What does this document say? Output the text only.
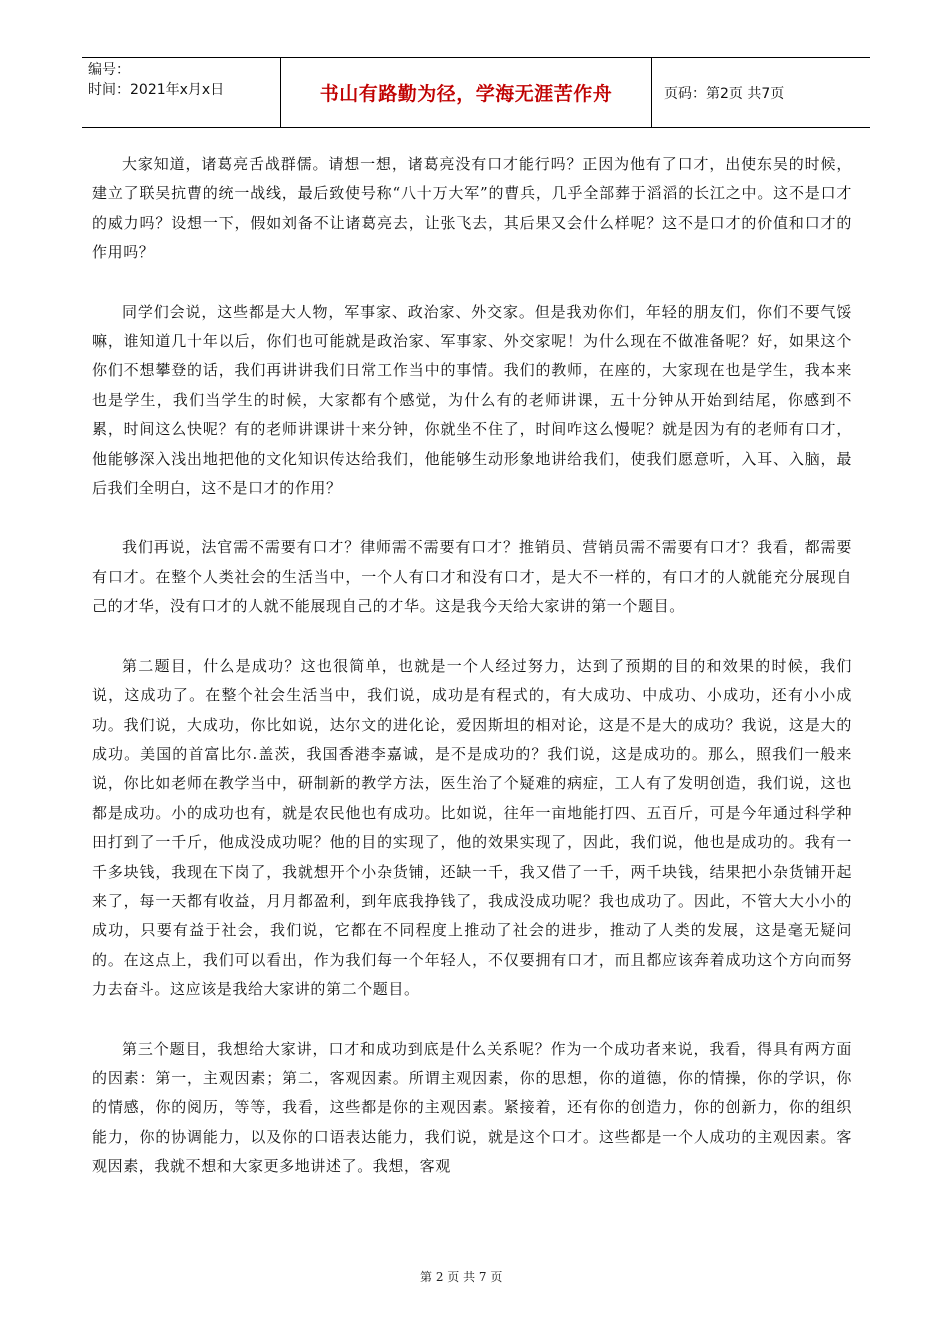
编号：
时间：2021年x月x日	书山有路勤为径，学海无涯苦作舟	页码：第2页 共7页

大家知道，诸葛亮舌战群儒。请想一想，诸葛亮没有口才能行吗？正因为他有了口才，出使东吴的时候，建立了联吴抗曹的统一战线，最后致使号称“八十万大军”的曹兵，几乎全部葬于滔滔的长江之中。这不是口才的威力吗？设想一下，假如刘备不让诸葛亮去，让张飞去，其后果又会什么样呢？这不是口才的价值和口才的作用吗？

同学们会说，这些都是大人物，军事家、政治家、外交家。但是我劝你们，年轻的朋友们，你们不要气馁嘛，谁知道几十年以后，你们也可能就是政治家、军事家、外交家呢！为什么现在不做准备呢？好，如果这个你们不想攀登的话，我们再讲讲我们日常工作当中的事情。我们的教师，在座的，大家现在也是学生，我本来也是学生，我们当学生的时候，大家都有个感觉，为什么有的老师讲课，五十分钟从开始到结尾，你感到不累，时间这么快呢？有的老师讲课讲十来分钟，你就坐不住了，时间咋这么慢呢？就是因为有的老师有口才，他能够深入浅出地把他的文化知识传达给我们，他能够生动形象地讲给我们，使我们愿意听，入耳、入脑，最后我们全明白，这不是口才的作用？

我们再说，法官需不需要有口才？律师需不需要有口才？推销员、营销员需不需要有口才？我看，都需要有口才。在整个人类社会的生活当中，一个人有口才和没有口才，是大不一样的，有口才的人就能充分展现自己的才华，没有口才的人就不能展现自己的才华。这是我今天给大家讲的第一个题目。

第二题目，什么是成功？这也很简单，也就是一个人经过努力，达到了预期的目的和效果的时候，我们说，这成功了。在整个社会生活当中，我们说，成功是有程式的，有大成功、中成功、小成功，还有小小成功。我们说，大成功，你比如说，达尔文的进化论，爱因斯坦的相对论，这是不是大的成功？我说，这是大的成功。美国的首富比尔.盖茨，我国香港李嘉诚，是不是成功的？我们说，这是成功的。那么，照我们一般来说，你比如老师在教学当中，研制新的教学方法，医生治了个疑难的病症，工人有了发明创造，我们说，这也都是成功。小的成功也有，就是农民他也有成功。比如说，往年一亩地能打四、五百斤，可是今年通过科学种田打到了一千斤，他成没成功呢？他的目的实现了，他的效果实现了，因此，我们说，他也是成功的。我有一千多块钱，我现在下岗了，我就想开个小杂货铺，还缺一千，我又借了一千，两千块钱，结果把小杂货铺开起来了，每一天都有收益，月月都盈利，到年底我挣钱了，我成没成功呢？我也成功了。因此，不管大大小小的成功，只要有益于社会，我们说，它都在不同程度上推动了社会的进步，推动了人类的发展，这是毫无疑问的。在这点上，我们可以看出，作为我们每一个年轻人，不仅要拥有口才，而且都应该奔着成功这个方向而努力去奋斗。这应该是我给大家讲的第二个题目。

第三个题目，我想给大家讲，口才和成功到底是什么关系呢？作为一个成功者来说，我看，得具有两方面的因素：第一，主观因素；第二，客观因素。所谓主观因素，你的思想，你的道德，你的情操，你的学识，你的情感，你的阅历，等等，我看，这些都是你的主观因素。紧接着，还有你的创造力，你的创新力，你的组织能力，你的协调能力，以及你的口语表达能力，我们说，就是这个口才。这些都是一个人成功的主观因素。客观因素，我就不想和大家更多地讲述了。我想，客观

第 2 页 共 7 页
